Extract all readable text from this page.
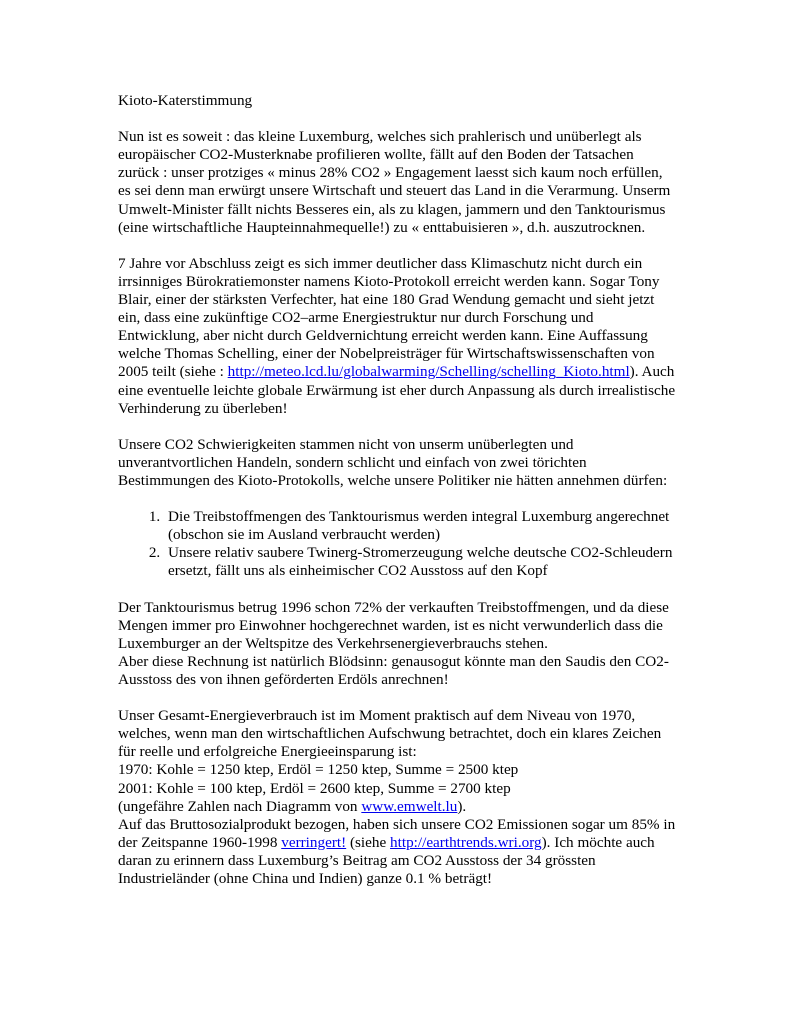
Kioto-Katerstimmung

Nun ist es soweit : das kleine Luxemburg, welches sich prahlerisch und unüberlegt als europäischer CO2-Musterknabe profilieren wollte, fällt auf den Boden der Tatsachen zurück : unser protziges « minus 28% CO2 » Engagement laesst sich kaum noch erfüllen, es sei denn man erwürgt unsere Wirtschaft und steuert das Land in die Verarmung. Unserm Umwelt-Minister fällt nichts Besseres ein, als zu klagen, jammern und den Tanktourismus (eine wirtschaftliche Haupteinnahmequelle!) zu « enttabuisieren », d.h. auszutrocknen.

7 Jahre vor Abschluss zeigt es sich immer deutlicher dass Klimaschutz nicht durch ein irrsinniges Bürokratiemonster namens Kioto-Protokoll erreicht werden kann. Sogar Tony Blair, einer der stärksten Verfechter, hat eine 180 Grad Wendung gemacht und sieht jetzt ein, dass eine zukünftige CO2–arme Energiestruktur nur durch Forschung und Entwicklung, aber nicht durch Geldvernichtung erreicht werden kann. Eine Auffassung welche Thomas Schelling, einer der Nobelpreisträger für Wirtschaftswissenschaften von 2005 teilt (siehe : http://meteo.lcd.lu/globalwarming/Schelling/schelling_Kioto.html). Auch eine eventuelle leichte globale Erwärmung ist eher durch Anpassung als durch irrealistische Verhinderung zu überleben!

Unsere CO2 Schwierigkeiten stammen nicht von unserm unüberlegten und unverantvortlichen Handeln, sondern schlicht und einfach von zwei törichten Bestimmungen des Kioto-Protokolls, welche unsere Politiker nie hätten annehmen dürfen:

1. Die Treibstoffmengen des Tanktourismus werden integral Luxemburg angerechnet (obschon sie im Ausland verbraucht werden)
2. Unsere relativ saubere Twinerg-Stromerzeugung welche deutsche CO2-Schleudern ersetzt, fällt uns als einheimischer CO2 Ausstoss auf den Kopf

Der Tanktourismus betrug 1996 schon 72% der verkauften Treibstoffmengen, und da diese Mengen immer pro Einwohner hochgerechnet warden, ist es nicht verwunderlich dass die Luxemburger an der Weltspitze des Verkehrsenergieverbrauchs stehen.
Aber diese Rechnung ist natürlich Blödsinn: genausogut könnte man den Saudis den CO2-Ausstoss des von ihnen geförderten Erdöls anrechnen!

Unser Gesamt-Energieverbrauch ist im Moment praktisch auf dem Niveau von 1970, welches, wenn man den wirtschaftlichen Aufschwung betrachtet, doch ein klares Zeichen für reelle und erfolgreiche Energieeinsparung ist:
1970: Kohle = 1250 ktep, Erdöl = 1250 ktep, Summe = 2500 ktep
2001: Kohle = 100 ktep, Erdöl = 2600 ktep, Summe = 2700 ktep
(ungefähre Zahlen nach Diagramm von www.emwelt.lu).
Auf das Bruttosozialprodukt bezogen, haben sich unsere CO2 Emissionen sogar um 85% in der Zeitspanne 1960-1998 verringert! (siehe http://earthtrends.wri.org). Ich möchte auch daran zu erinnern dass Luxemburg’s Beitrag am CO2 Ausstoss der 34 grössten Industrieländer (ohne China und Indien) ganze 0.1 % beträgt!
